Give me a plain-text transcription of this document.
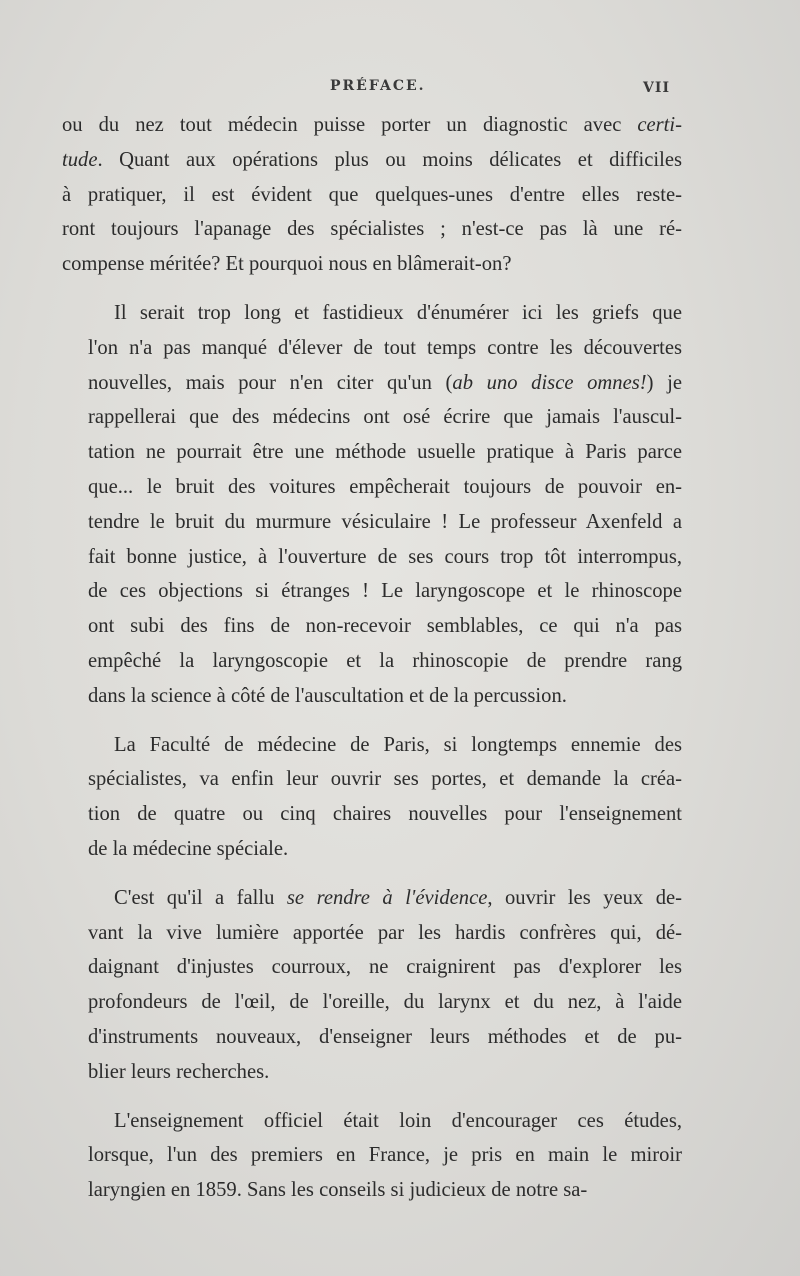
PRÉFACE.	VII

ou du nez tout médecin puisse porter un diagnostic avec certi-
tude. Quant aux opérations plus ou moins délicates et difficiles
à pratiquer, il est évident que quelques-unes d'entre elles reste-
ront toujours l'apanage des spécialistes ; n'est-ce pas là une ré-
compense méritée? Et pourquoi nous en blâmerait-on?

Il serait trop long et fastidieux d'énumérer ici les griefs que
l'on n'a pas manqué d'élever de tout temps contre les découvertes
nouvelles, mais pour n'en citer qu'un (ab uno disce omnes!) je
rappellerai que des médecins ont osé écrire que jamais l'auscul-
tation ne pourrait être une méthode usuelle pratique à Paris parce
que... le bruit des voitures empêcherait toujours de pouvoir en-
tendre le bruit du murmure vésiculaire ! Le professeur Axenfeld a
fait bonne justice, à l'ouverture de ses cours trop tôt interrompus,
de ces objections si étranges ! Le laryngoscope et le rhinoscope
ont subi des fins de non-recevoir semblables, ce qui n'a pas
empêché la laryngoscopie et la rhinoscopie de prendre rang
dans la science à côté de l'auscultation et de la percussion.

La Faculté de médecine de Paris, si longtemps ennemie des
spécialistes, va enfin leur ouvrir ses portes, et demande la créa-
tion de quatre ou cinq chaires nouvelles pour l'enseignement
de la médecine spéciale.

C'est qu'il a fallu se rendre à l'évidence, ouvrir les yeux de-
vant la vive lumière apportée par les hardis confrères qui, dé-
daignant d'injustes courroux, ne craignirent pas d'explorer les
profondeurs de l'œil, de l'oreille, du larynx et du nez, à l'aide
d'instruments nouveaux, d'enseigner leurs méthodes et de pu-
blier leurs recherches.

L'enseignement officiel était loin d'encourager ces études,
lorsque, l'un des premiers en France, je pris en main le miroir
laryngien en 1859. Sans les conseils si judicieux de notre sa-
